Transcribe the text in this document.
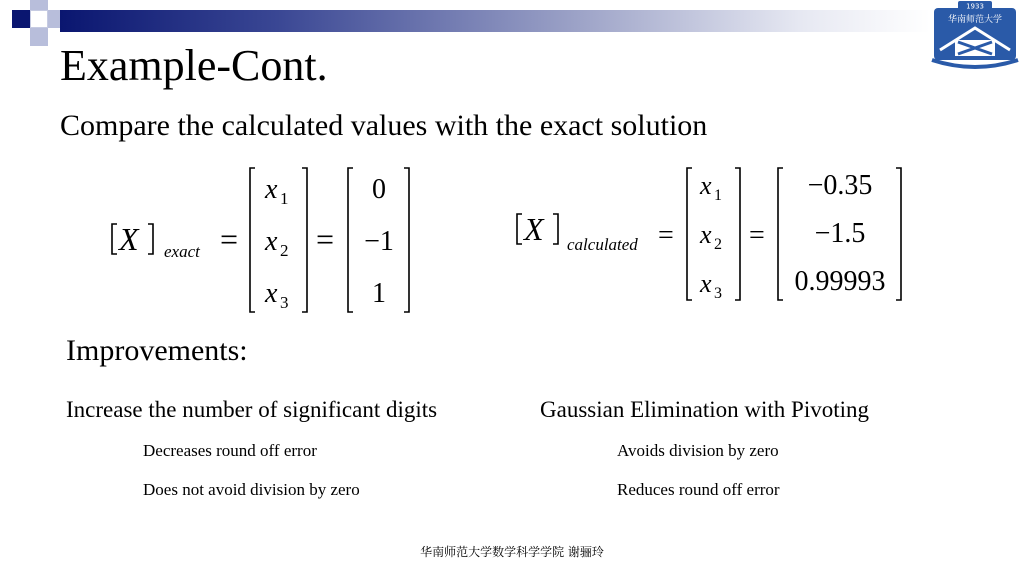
1933
华南师范大学
Example-Cont.
Compare the calculated values with the exact solution
X exact =
x 1
x 2
x 3
=
0
−1
1
X calculated =
x 1
x 2
x 3
=
−0.35
−1.5
0.99993
Improvements:
Increase the number of significant digits
Decreases round off error
Does not avoid division by zero
Gaussian Elimination with Pivoting
Avoids division by zero
Reduces round off error
华南师范大学数学科学学院 谢骊玲
